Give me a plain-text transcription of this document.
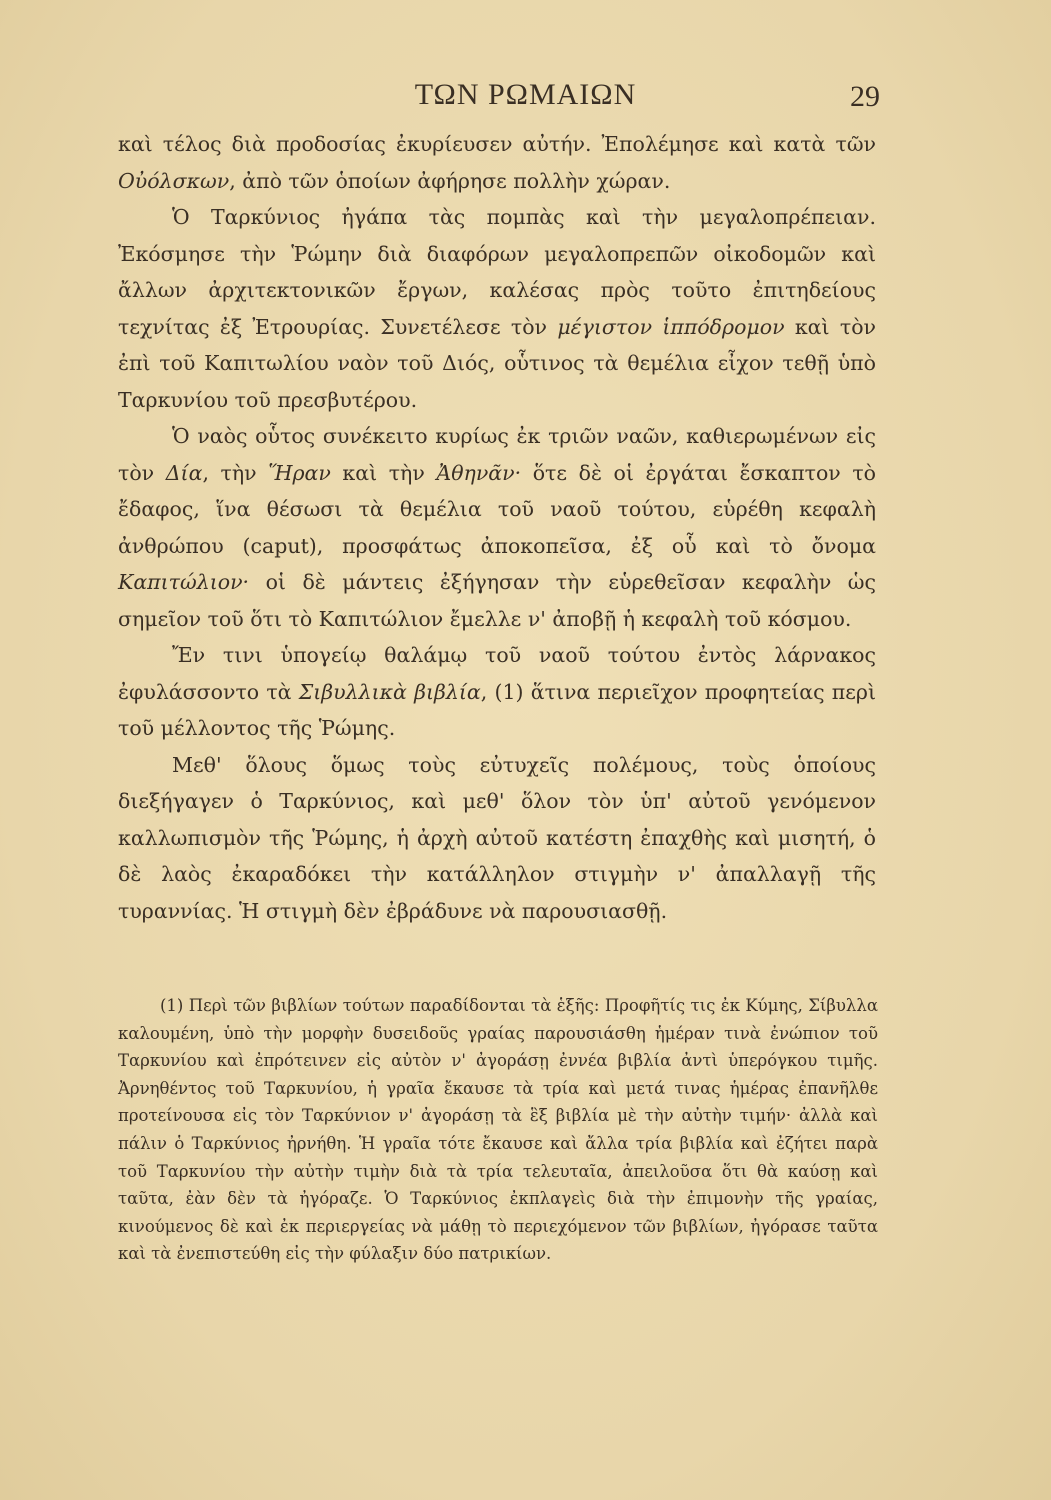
ΤΩΝ ΡΩΜΑΙΩΝ	29

καὶ τέλος διὰ προδοσίας ἐκυρίευσεν αὐτήν. Ἐπολέμησε καὶ κατὰ τῶν Οὐόλσκων, ἀπὸ τῶν ὁποίων ἀφήρησε πολλὴν χώραν.

Ὁ Ταρκύνιος ἠγάπα τὰς πομπὰς καὶ τὴν μεγαλοπρέπειαν. Ἐκόσμησε τὴν Ῥώμην διὰ διαφόρων μεγαλοπρεπῶν οἰκοδομῶν καὶ ἄλλων ἀρχιτεκτονικῶν ἔργων, καλέσας πρὸς τοῦτο ἐπιτηδείους τεχνίτας ἐξ Ἐτρουρίας. Συνετέλεσε τὸν μέγιστον ἱππόδρομον καὶ τὸν ἐπὶ τοῦ Καπιτωλίου ναὸν τοῦ Διός, οὗτινος τὰ θεμέλια εἶχον τεθῇ ὑπὸ Ταρκυνίου τοῦ πρεσβυτέρου.

Ὁ ναὸς οὗτος συνέκειτο κυρίως ἐκ τριῶν ναῶν, καθιερωμένων εἰς τὸν Δία, τὴν Ἥραν καὶ τὴν Ἀθηνᾶν· ὅτε δὲ οἱ ἐργάται ἔσκαπτον τὸ ἔδαφος, ἵνα θέσωσι τὰ θεμέλια τοῦ ναοῦ τούτου, εὑρέθη κεφαλὴ ἀνθρώπου (caput), προσφάτως ἀποκοπεῖσα, ἐξ οὗ καὶ τὸ ὄνομα Καπιτώλιον· οἱ δὲ μάντεις ἐξήγησαν τὴν εὑρεθεῖσαν κεφαλὴν ὡς σημεῖον τοῦ ὅτι τὸ Καπιτώλιον ἔμελλε ν' ἀποβῇ ἡ κεφαλὴ τοῦ κόσμου.

Ἔν τινι ὑπογείῳ θαλάμῳ τοῦ ναοῦ τούτου ἐντὸς λάρνακος ἐφυλάσσοντο τὰ Σιβυλλικὰ βιβλία, (1) ἅτινα περιεῖχον προφητείας περὶ τοῦ μέλλοντος τῆς Ῥώμης.

Μεθ' ὅλους ὅμως τοὺς εὐτυχεῖς πολέμους, τοὺς ὁποίους διεξήγαγεν ὁ Ταρκύνιος, καὶ μεθ' ὅλον τὸν ὑπ' αὐτοῦ γενόμενον καλλωπισμὸν τῆς Ῥώμης, ἡ ἀρχὴ αὐτοῦ κατέστη ἐπαχθὴς καὶ μισητή, ὁ δὲ λαὸς ἐκαραδόκει τὴν κατάλληλον στιγμὴν ν' ἀπαλλαγῇ τῆς τυραννίας. Ἡ στιγμὴ δὲν ἐβράδυνε νὰ παρουσιασθῇ.

(1) Περὶ τῶν βιβλίων τούτων παραδίδονται τὰ ἑξῆς: Προφῆτίς τις ἐκ Κύμης, Σίβυλλα καλουμένη, ὑπὸ τὴν μορφὴν δυσειδοῦς γραίας παρουσιάσθη ἡμέραν τινὰ ἐνώπιον τοῦ Ταρκυνίου καὶ ἐπρότεινεν εἰς αὐτὸν ν' ἀγοράσῃ ἐννέα βιβλία ἀντὶ ὑπερόγκου τιμῆς. Ἀρνηθέντος τοῦ Ταρκυνίου, ἡ γραῖα ἔκαυσε τὰ τρία καὶ μετά τινας ἡμέρας ἐπανῆλθε προτείνουσα εἰς τὸν Ταρκύνιον ν' ἀγοράσῃ τὰ ἓξ βιβλία μὲ τὴν αὐτὴν τιμήν· ἀλλὰ καὶ πάλιν ὁ Ταρκύνιος ἠρνήθη. Ἡ γραῖα τότε ἔκαυσε καὶ ἄλλα τρία βιβλία καὶ ἐζήτει παρὰ τοῦ Ταρκυνίου τὴν αὐτὴν τιμὴν διὰ τὰ τρία τελευταῖα, ἀπειλοῦσα ὅτι θὰ καύσῃ καὶ ταῦτα, ἐὰν δὲν τὰ ἠγόραζε. Ὁ Ταρκύνιος ἐκπλαγεὶς διὰ τὴν ἐπιμονὴν τῆς γραίας, κινούμενος δὲ καὶ ἐκ περιεργείας νὰ μάθῃ τὸ περιεχόμενον τῶν βιβλίων, ἠγόρασε ταῦτα καὶ τὰ ἐνεπιστεύθη εἰς τὴν φύλαξιν δύο πατρικίων.
